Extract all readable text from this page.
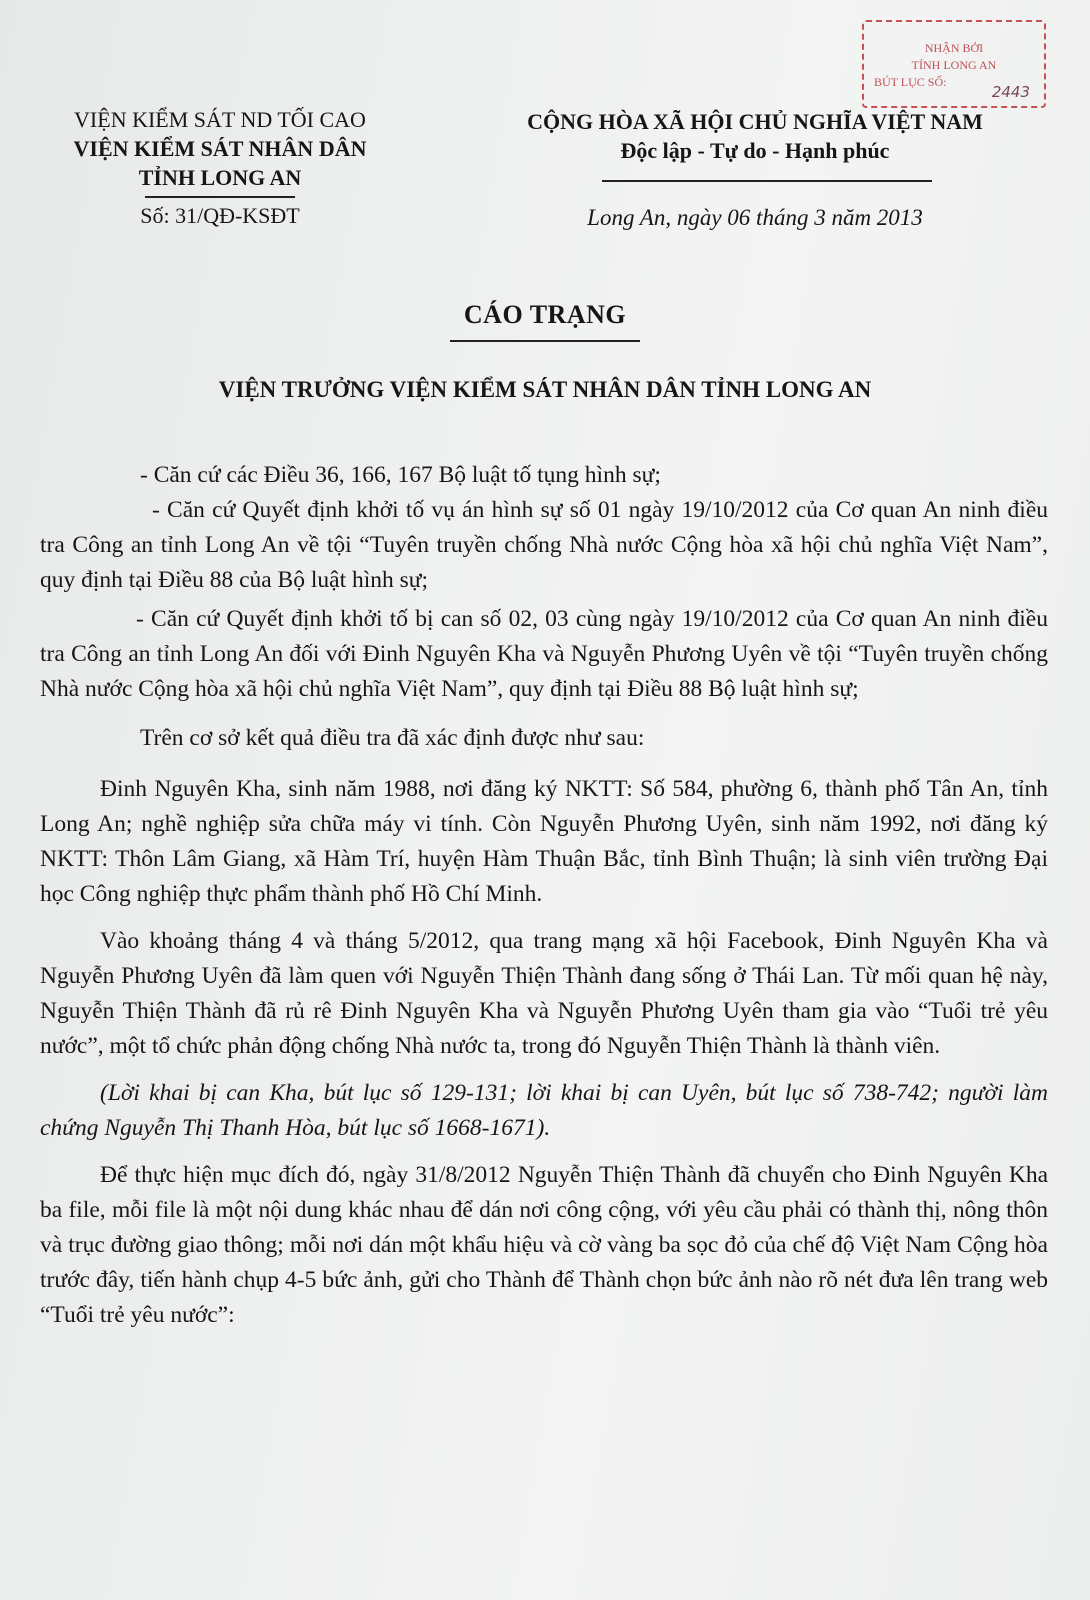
NHẬN BỞI
TÍNH LONG AN
BÚT LỤC SỐ:
2443
VIỆN KIỂM SÁT ND TỐI CAO
VIỆN KIỂM SÁT NHÂN DÂN
TỈNH LONG AN
Số: 31/QĐ-KSĐT
CỘNG HÒA XÃ HỘI CHỦ NGHĨA VIỆT NAM
Độc lập - Tự do - Hạnh phúc
Long An, ngày 06 tháng 3 năm 2013
CÁO TRẠNG
VIỆN TRƯỞNG VIỆN KIỂM SÁT NHÂN DÂN TỈNH LONG AN

- Căn cứ các Điều 36, 166, 167 Bộ luật tố tụng hình sự;

- Căn cứ Quyết định khởi tố vụ án hình sự số 01 ngày 19/10/2012 của Cơ quan An ninh điều tra Công an tỉnh Long An về tội “Tuyên truyền chống Nhà nước Cộng hòa xã hội chủ nghĩa Việt Nam”, quy định tại Điều 88 của Bộ luật hình sự;

- Căn cứ Quyết định khởi tố bị can số 02, 03 cùng ngày 19/10/2012 của Cơ quan An ninh điều tra Công an tỉnh Long An đối với Đinh Nguyên Kha và Nguyễn Phương Uyên về tội “Tuyên truyền chống Nhà nước Cộng hòa xã hội chủ nghĩa Việt Nam”, quy định tại Điều 88 Bộ luật hình sự;

Trên cơ sở kết quả điều tra đã xác định được như sau:

Đinh Nguyên Kha, sinh năm 1988, nơi đăng ký NKTT: Số 584, phường 6, thành phố Tân An, tỉnh Long An; nghề nghiệp sửa chữa máy vi tính. Còn Nguyễn Phương Uyên, sinh năm 1992, nơi đăng ký NKTT: Thôn Lâm Giang, xã Hàm Trí, huyện Hàm Thuận Bắc, tỉnh Bình Thuận; là sinh viên trường Đại học Công nghiệp thực phẩm thành phố Hồ Chí Minh.

Vào khoảng tháng 4 và tháng 5/2012, qua trang mạng xã hội Facebook, Đinh Nguyên Kha và Nguyễn Phương Uyên đã làm quen với Nguyễn Thiện Thành đang sống ở Thái Lan. Từ mối quan hệ này, Nguyễn Thiện Thành đã rủ rê Đinh Nguyên Kha và Nguyễn Phương Uyên tham gia vào “Tuổi trẻ yêu nước”, một tổ chức phản động chống Nhà nước ta, trong đó Nguyễn Thiện Thành là thành viên.

(Lời khai bị can Kha, bút lục số 129-131; lời khai bị can Uyên, bút lục số 738-742; người làm chứng Nguyễn Thị Thanh Hòa, bút lục số 1668-1671).

Để thực hiện mục đích đó, ngày 31/8/2012 Nguyễn Thiện Thành đã chuyển cho Đinh Nguyên Kha ba file, mỗi file là một nội dung khác nhau để dán nơi công cộng, với yêu cầu phải có thành thị, nông thôn và trục đường giao thông; mỗi nơi dán một khẩu hiệu và cờ vàng ba sọc đỏ của chế độ Việt Nam Cộng hòa trước đây, tiến hành chụp 4-5 bức ảnh, gửi cho Thành để Thành chọn bức ảnh nào rõ nét đưa lên trang web “Tuổi trẻ yêu nước”:
